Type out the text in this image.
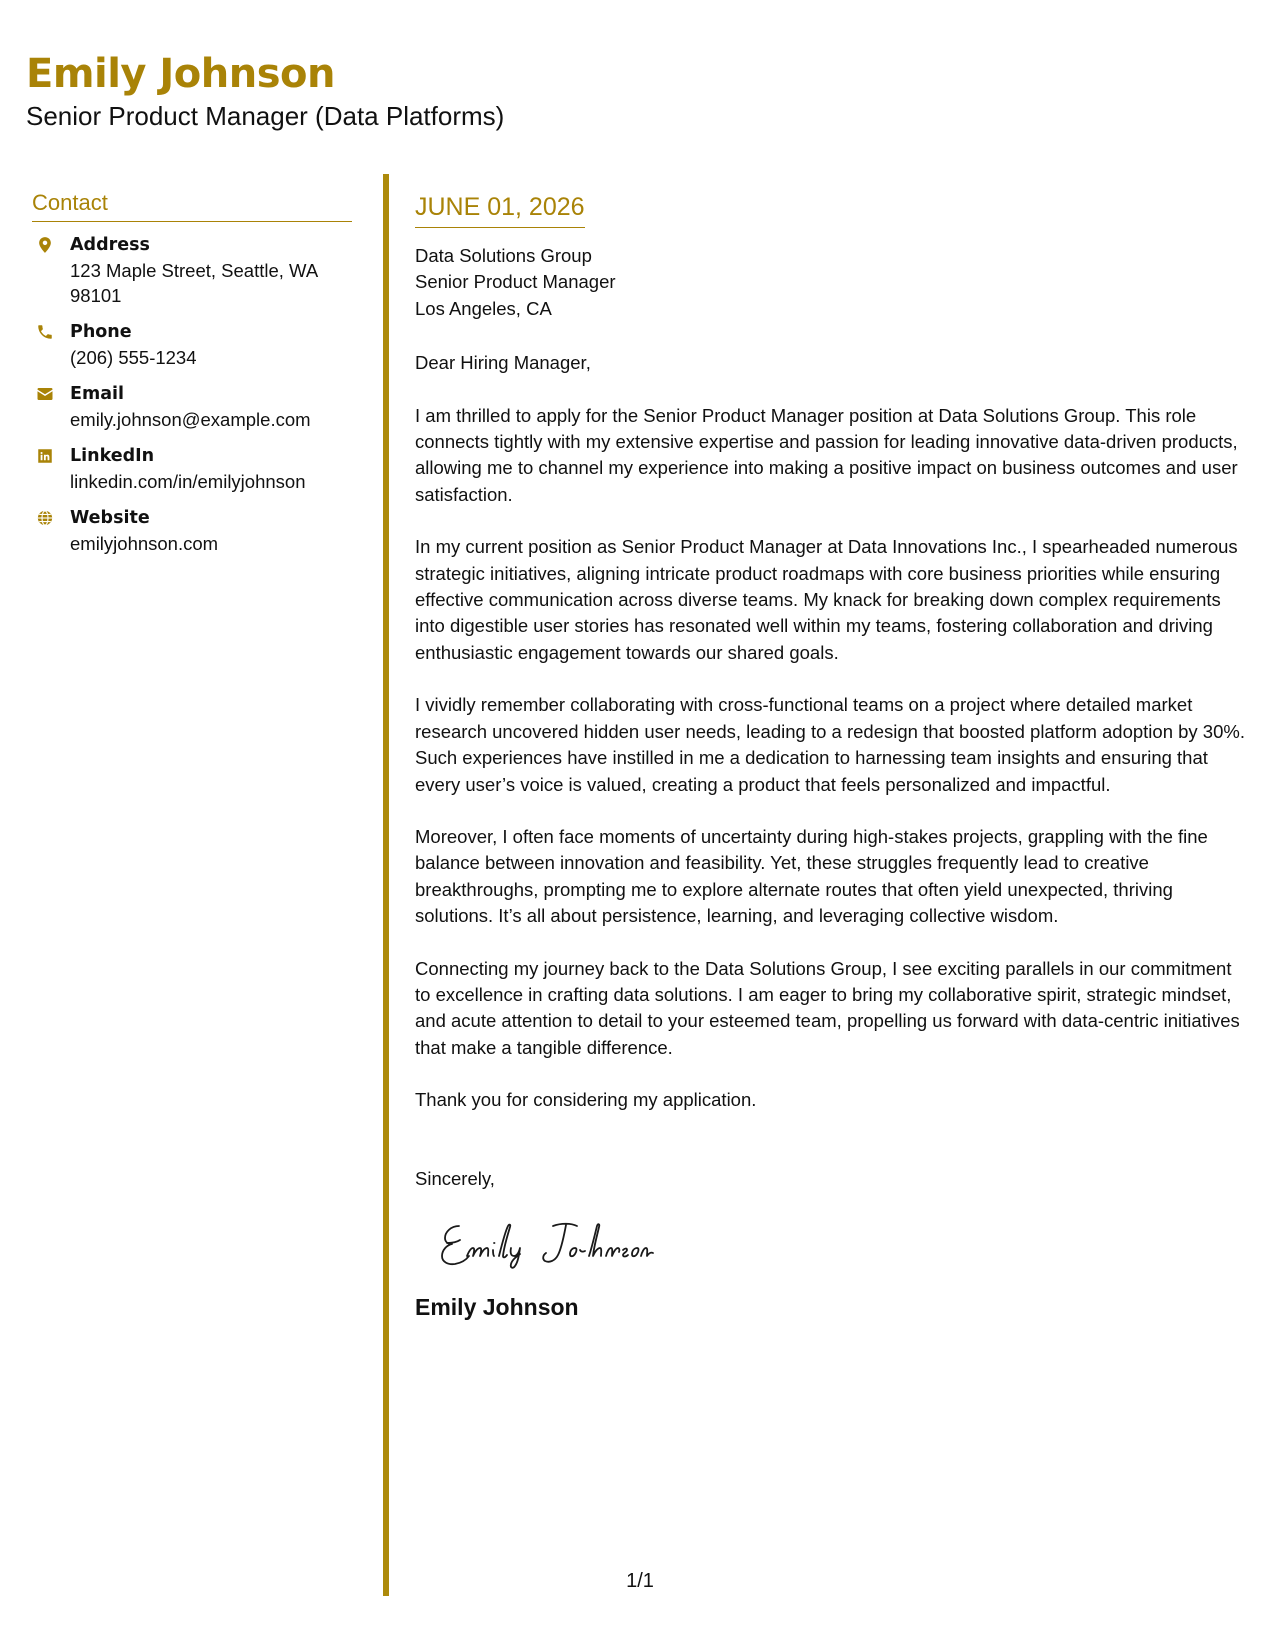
Emily Johnson
Senior Product Manager (Data Platforms)
Contact
Address
123 Maple Street, Seattle, WA 98101
Phone
(206) 555-1234
Email
emily.johnson@example.com
LinkedIn
linkedin.com/in/emilyjohnson
Website
emilyjohnson.com
JUNE 01, 2026
Data Solutions Group
Senior Product Manager
Los Angeles, CA

Dear Hiring Manager,

I am thrilled to apply for the Senior Product Manager position at Data Solutions Group. This role connects tightly with my extensive expertise and passion for leading innovative data-driven products, allowing me to channel my experience into making a positive impact on business outcomes and user satisfaction.

In my current position as Senior Product Manager at Data Innovations Inc., I spearheaded numerous strategic initiatives, aligning intricate product roadmaps with core business priorities while ensuring effective communication across diverse teams. My knack for breaking down complex requirements into digestible user stories has resonated well within my teams, fostering collaboration and driving enthusiastic engagement towards our shared goals.

I vividly remember collaborating with cross-functional teams on a project where detailed market research uncovered hidden user needs, leading to a redesign that boosted platform adoption by 30%. Such experiences have instilled in me a dedication to harnessing team insights and ensuring that every user’s voice is valued, creating a product that feels personalized and impactful.

Moreover, I often face moments of uncertainty during high-stakes projects, grappling with the fine balance between innovation and feasibility. Yet, these struggles frequently lead to creative breakthroughs, prompting me to explore alternate routes that often yield unexpected, thriving solutions. It’s all about persistence, learning, and leveraging collective wisdom.

Connecting my journey back to the Data Solutions Group, I see exciting parallels in our commitment to excellence in crafting data solutions. I am eager to bring my collaborative spirit, strategic mindset, and acute attention to detail to your esteemed team, propelling us forward with data-centric initiatives that make a tangible difference.

Thank you for considering my application.

Sincerely,

Emily Johnson

1/1
